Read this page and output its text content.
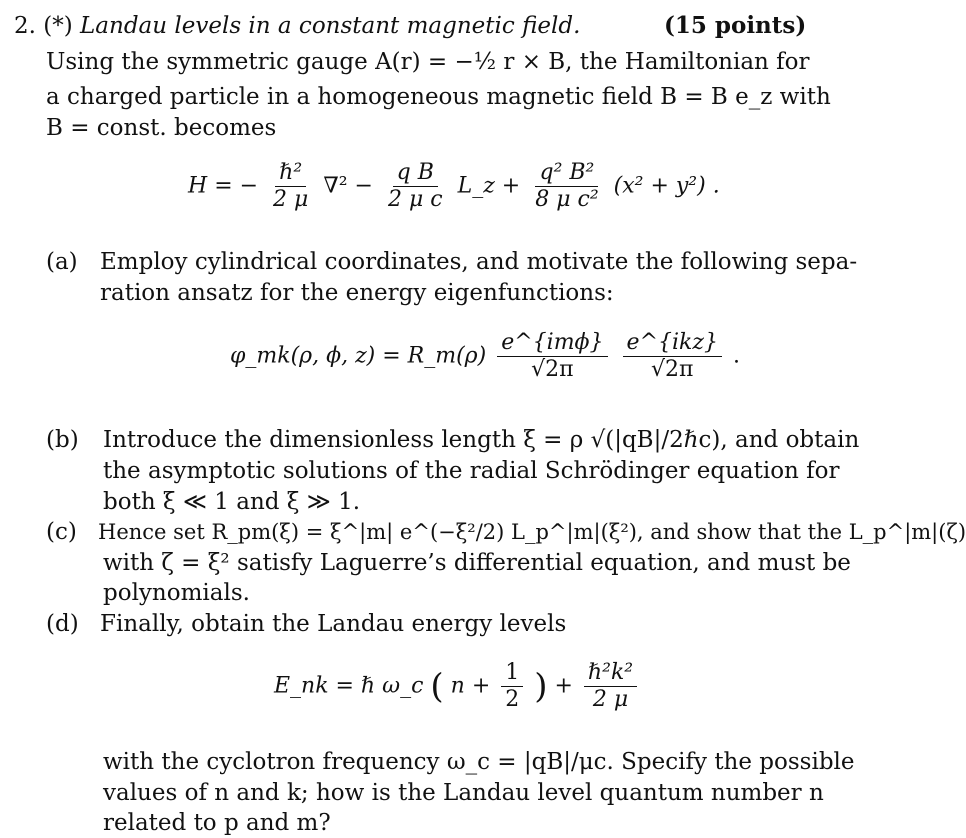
2. (*) Landau levels in a constant magnetic field.	(15 points)
Using the symmetric gauge A(r) = −½ r × B, the Hamiltonian for
a charged particle in a homogeneous magnetic field B = B e_z with
B = const. becomes
H = − $\frac{\text{ℏ²}}{2 \mu} \nabla^2 - \frac{\text{q B}}{\text{2 μ c}}$ L_z + $\frac{\text{q² B²}}{\text{8 μ c²}} (x^2 + y^2)$ .
(a) Employ cylindrical coordinates, and motivate the following sepa-
ration ansatz for the energy eigenfunctions:
φ_mk(ρ, ϕ, z) = R_m(ρ) $\frac{\text{e\textasciicircum{}\{imϕ\}}}{√2\pi}$
$\frac{\text{e\textasciicircum{}\{ikz\}}}{√2\pi}$ .
(b) Introduce the dimensionless length ξ = ρ √(|qB|/2ℏc), and obtain
the asymptotic solutions of the radial Schrödinger equation for
both ξ ≪ 1 and ξ ≫ 1.
(c) Hence set R_pm(ξ) = ξ^|m| e^(−ξ²/2) L_p^|m|(ξ²), and show that the L_p^|m|(ζ)
with ζ = ξ² satisfy Laguerre’s differential equation, and must be
polynomials.
(d) Finally, obtain the Landau energy levels
E_nk = ℏ ω_c ( $n + \frac{1}{2}$ ) + $\frac{\text{ℏ²k²}}{2 \mu}$
with the cyclotron frequency ω_c = |qB|/μc. Specify the possible
values of n and k; how is the Landau level quantum number n
related to p and m?
